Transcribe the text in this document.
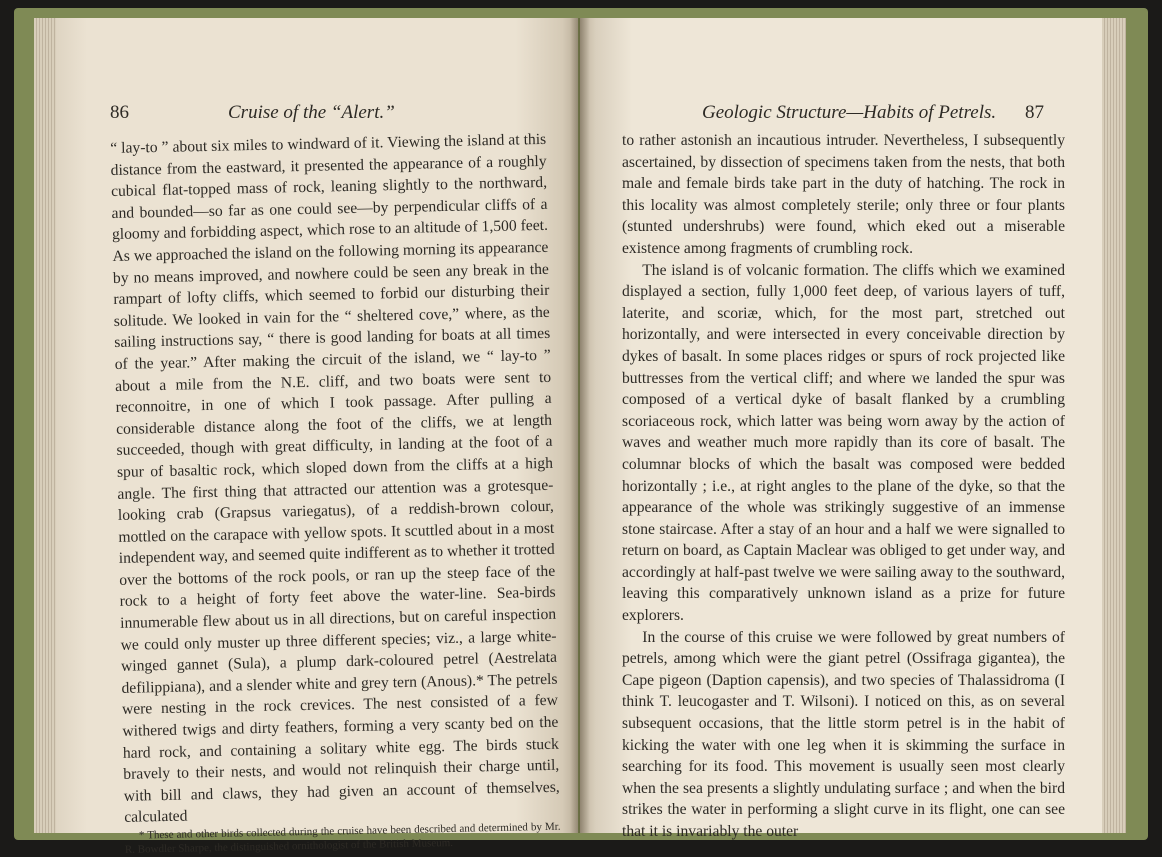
86	Cruise of the “Alert.”

“ lay-to ” about six miles to windward of it. Viewing the island at this distance from the eastward, it presented the appearance of a roughly cubical flat-topped mass of rock, leaning slightly to the northward, and bounded—so far as one could see—by perpendicular cliffs of a gloomy and forbidding aspect, which rose to an altitude of 1,500 feet. As we approached the island on the following morning its appearance by no means improved, and nowhere could be seen any break in the rampart of lofty cliffs, which seemed to forbid our disturbing their solitude. We looked in vain for the “ sheltered cove,” where, as the sailing instructions say, “ there is good landing for boats at all times of the year.” After making the circuit of the island, we “ lay-to ” about a mile from the N.E. cliff, and two boats were sent to reconnoitre, in one of which I took passage. After pulling a considerable distance along the foot of the cliffs, we at length succeeded, though with great difficulty, in landing at the foot of a spur of basaltic rock, which sloped down from the cliffs at a high angle. The first thing that attracted our attention was a grotesque-looking crab (Grapsus variegatus), of a reddish-brown colour, mottled on the carapace with yellow spots. It scuttled about in a most independent way, and seemed quite indifferent as to whether it trotted over the bottoms of the rock pools, or ran up the steep face of the rock to a height of forty feet above the water-line. Sea-birds innumerable flew about us in all directions, but on careful inspection we could only muster up three different species; viz., a large white-winged gannet (Sula), a plump dark-coloured petrel (Aestrelata defilippiana), and a slender white and grey tern (Anous).* The petrels were nesting in the rock crevices. The nest consisted of a few withered twigs and dirty feathers, forming a very scanty bed on the hard rock, and containing a solitary white egg. The birds stuck bravely to their nests, and would not relinquish their charge until, with bill and claws, they had given an account of themselves, calculated

* These and other birds collected during the cruise have been described and determined by Mr. R. Bowdler Sharpe, the distinguished ornithologist of the British Museum.

Geologic Structure—Habits of Petrels. 87

to rather astonish an incautious intruder. Nevertheless, I subsequently ascertained, by dissection of specimens taken from the nests, that both male and female birds take part in the duty of hatching. The rock in this locality was almost completely sterile; only three or four plants (stunted undershrubs) were found, which eked out a miserable existence among fragments of crumbling rock.

The island is of volcanic formation. The cliffs which we examined displayed a section, fully 1,000 feet deep, of various layers of tuff, laterite, and scoriæ, which, for the most part, stretched out horizontally, and were intersected in every conceivable direction by dykes of basalt. In some places ridges or spurs of rock projected like buttresses from the vertical cliff; and where we landed the spur was composed of a vertical dyke of basalt flanked by a crumbling scoriaceous rock, which latter was being worn away by the action of waves and weather much more rapidly than its core of basalt. The columnar blocks of which the basalt was composed were bedded horizontally ; i.e., at right angles to the plane of the dyke, so that the appearance of the whole was strikingly suggestive of an immense stone staircase. After a stay of an hour and a half we were signalled to return on board, as Captain Maclear was obliged to get under way, and accordingly at half-past twelve we were sailing away to the southward, leaving this comparatively unknown island as a prize for future explorers.

In the course of this cruise we were followed by great numbers of petrels, among which were the giant petrel (Ossifraga gigantea), the Cape pigeon (Daption capensis), and two species of Thalassidroma (I think T. leucogaster and T. Wilsoni). I noticed on this, as on several subsequent occasions, that the little storm petrel is in the habit of kicking the water with one leg when it is skimming the surface in searching for its food. This movement is usually seen most clearly when the sea presents a slightly undulating surface ; and when the bird strikes the water in performing a slight curve in its flight, one can see that it is invariably the outer
